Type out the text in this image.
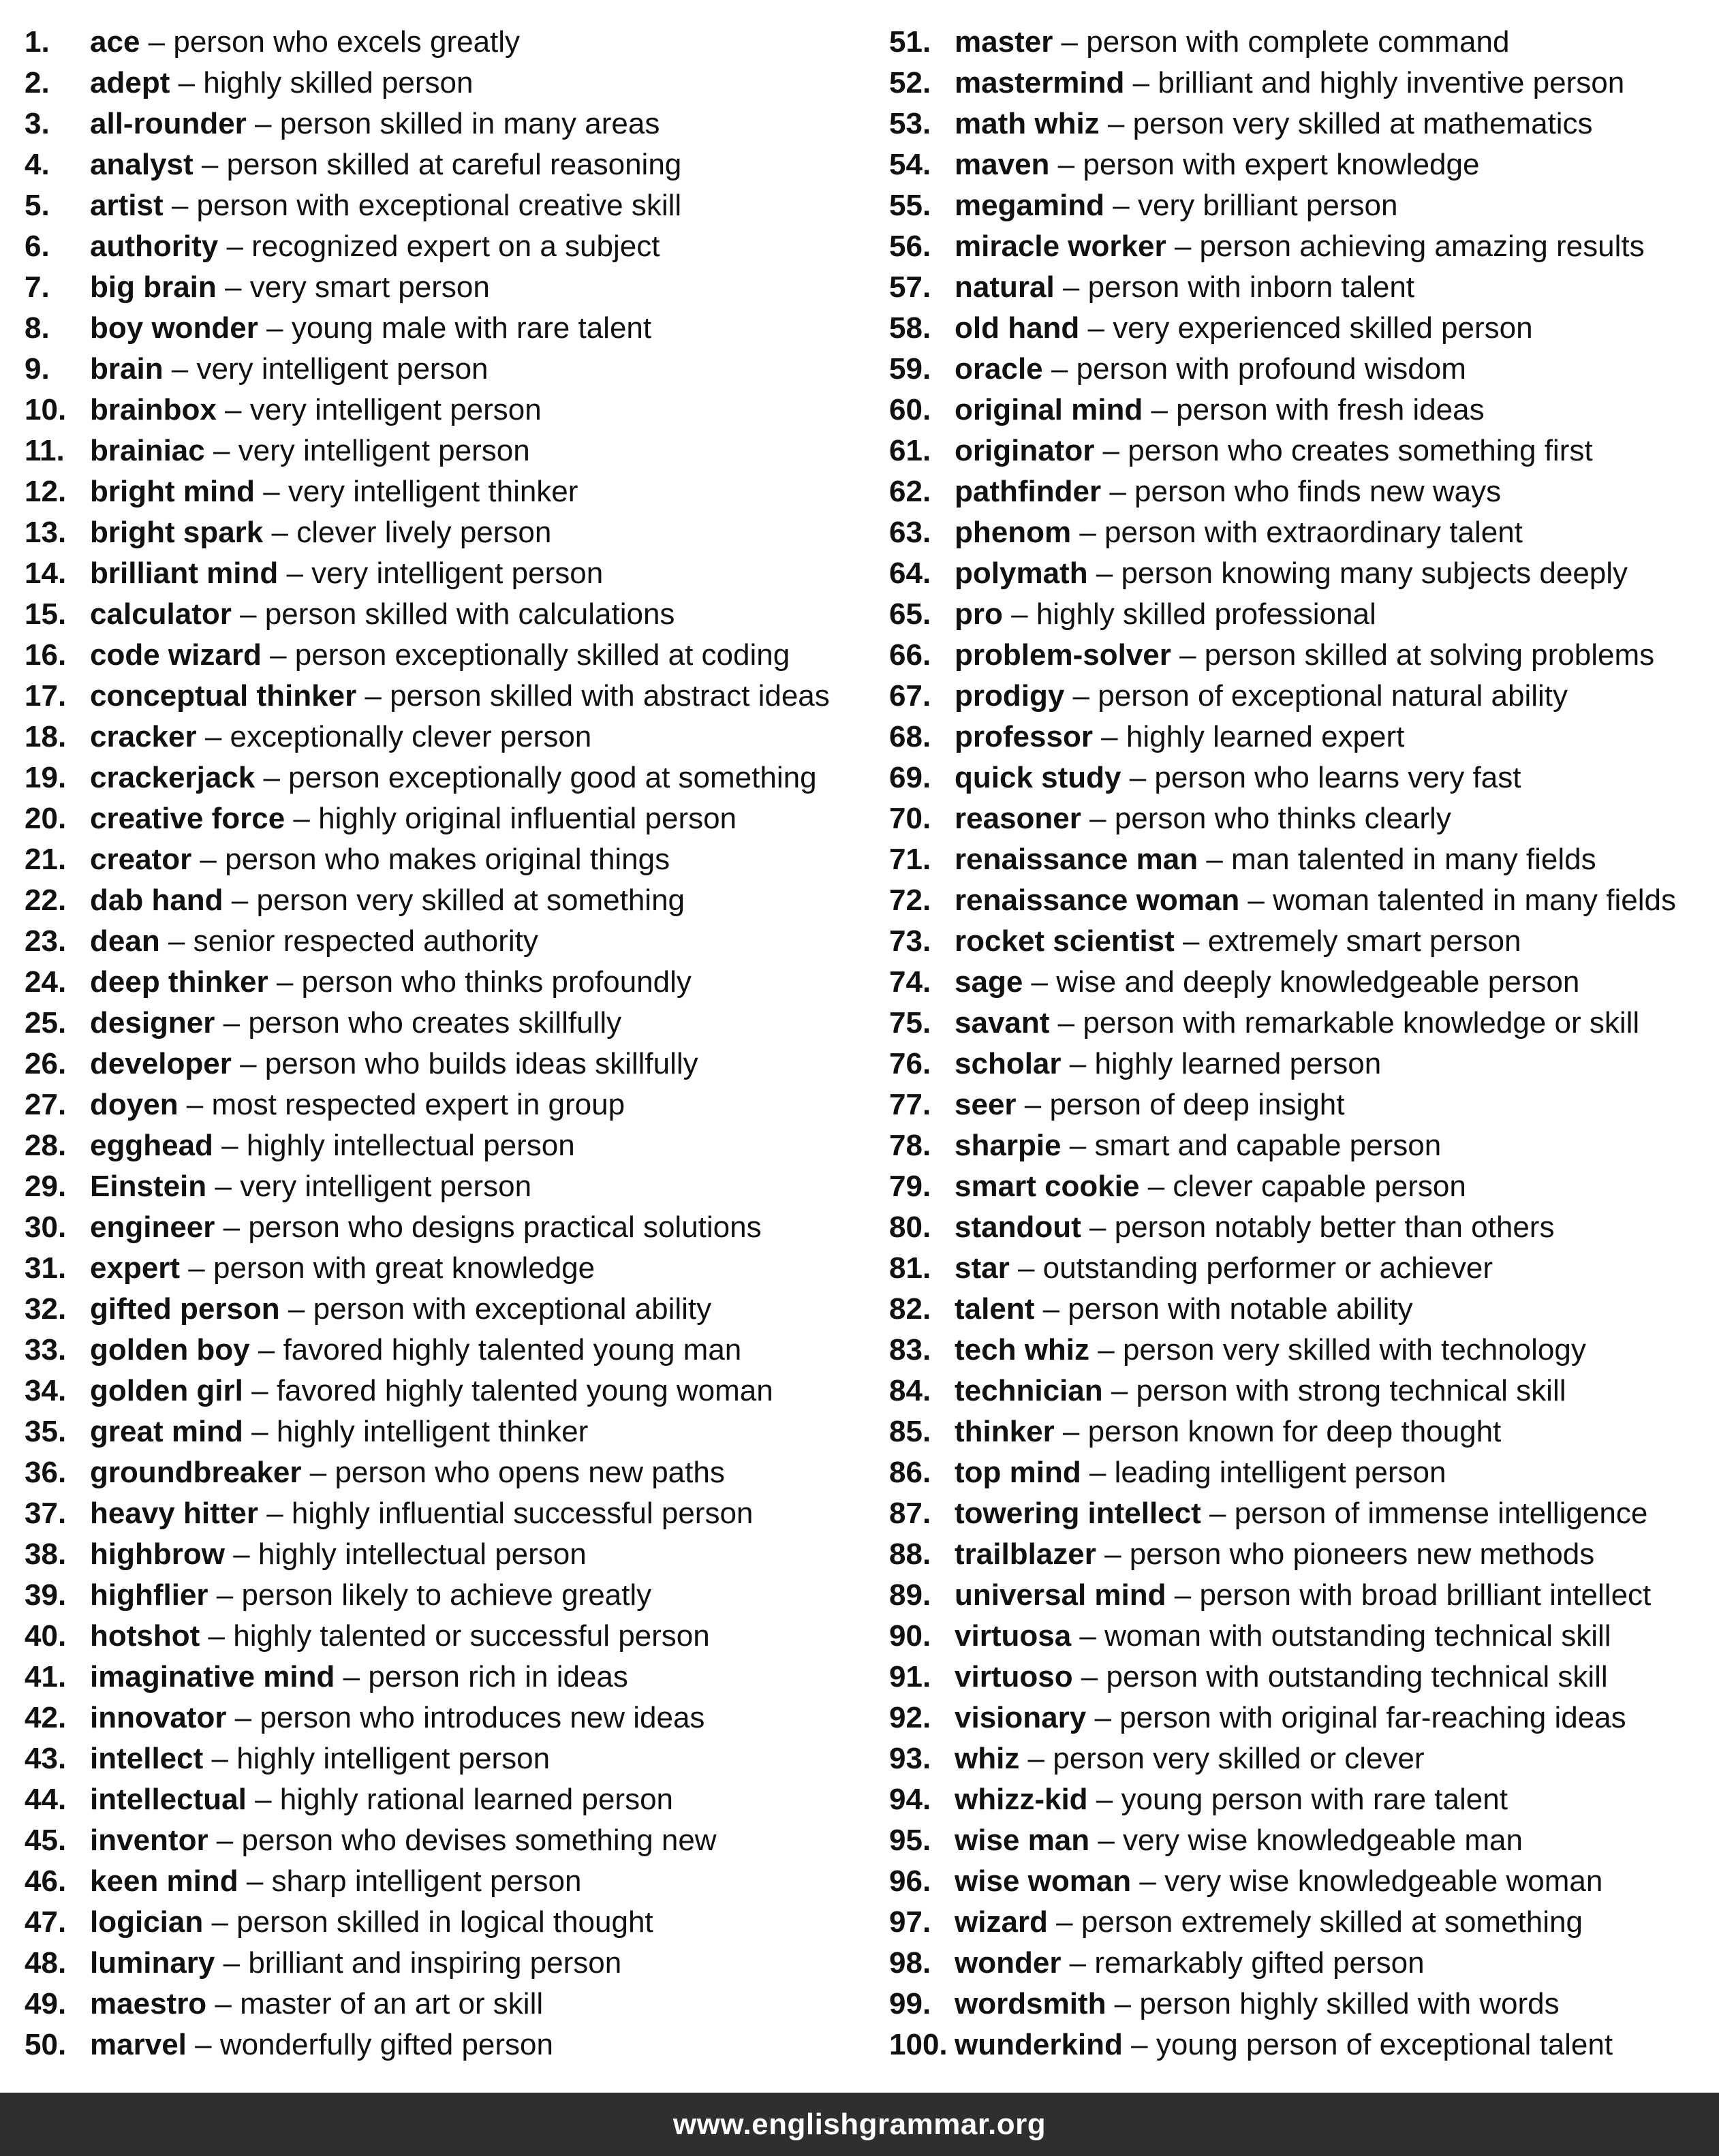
1.	ace – person who excels greatly
2.	adept – highly skilled person
3.	all-rounder – person skilled in many areas
4.	analyst – person skilled at careful reasoning
5.	artist – person with exceptional creative skill
6.	authority – recognized expert on a subject
7.	big brain – very smart person
8.	boy wonder – young male with rare talent
9.	brain – very intelligent person
10. brainbox – very intelligent person
11. brainiac – very intelligent person
12. bright mind – very intelligent thinker
13. bright spark – clever lively person
14. brilliant mind – very intelligent person
15. calculator – person skilled with calculations
16. code wizard – person exceptionally skilled at coding
17. conceptual thinker – person skilled with abstract ideas
18. cracker – exceptionally clever person
19. crackerjack – person exceptionally good at something
20. creative force – highly original influential person
21. creator – person who makes original things
22. dab hand – person very skilled at something
23. dean – senior respected authority
24. deep thinker – person who thinks profoundly
25. designer – person who creates skillfully
26. developer – person who builds ideas skillfully
27. doyen – most respected expert in group
28. egghead – highly intellectual person
29. Einstein – very intelligent person
30. engineer – person who designs practical solutions
31. expert – person with great knowledge
32. gifted person – person with exceptional ability
33. golden boy – favored highly talented young man
34. golden girl – favored highly talented young woman
35. great mind – highly intelligent thinker
36. groundbreaker – person who opens new paths
37. heavy hitter – highly influential successful person
38. highbrow – highly intellectual person
39. highflier – person likely to achieve greatly
40. hotshot – highly talented or successful person
41. imaginative mind – person rich in ideas
42. innovator – person who introduces new ideas
43. intellect – highly intelligent person
44. intellectual – highly rational learned person
45. inventor – person who devises something new
46. keen mind – sharp intelligent person
47. logician – person skilled in logical thought
48. luminary – brilliant and inspiring person
49. maestro – master of an art or skill
50. marvel – wonderfully gifted person
51. master – person with complete command
52. mastermind – brilliant and highly inventive person
53. math whiz – person very skilled at mathematics
54. maven – person with expert knowledge
55. megamind – very brilliant person
56. miracle worker – person achieving amazing results
57. natural – person with inborn talent
58. old hand – very experienced skilled person
59. oracle – person with profound wisdom
60. original mind – person with fresh ideas
61. originator – person who creates something first
62. pathfinder – person who finds new ways
63. phenom – person with extraordinary talent
64. polymath – person knowing many subjects deeply
65. pro – highly skilled professional
66. problem-solver – person skilled at solving problems
67. prodigy – person of exceptional natural ability
68. professor – highly learned expert
69. quick study – person who learns very fast
70. reasoner – person who thinks clearly
71. renaissance man – man talented in many fields
72. renaissance woman – woman talented in many fields
73. rocket scientist – extremely smart person
74. sage – wise and deeply knowledgeable person
75. savant – person with remarkable knowledge or skill
76. scholar – highly learned person
77. seer – person of deep insight
78. sharpie – smart and capable person
79. smart cookie – clever capable person
80. standout – person notably better than others
81. star – outstanding performer or achiever
82. talent – person with notable ability
83. tech whiz – person very skilled with technology
84. technician – person with strong technical skill
85. thinker – person known for deep thought
86. top mind – leading intelligent person
87. towering intellect – person of immense intelligence
88. trailblazer – person who pioneers new methods
89. universal mind – person with broad brilliant intellect
90. virtuosa – woman with outstanding technical skill
91. virtuoso – person with outstanding technical skill
92. visionary – person with original far-reaching ideas
93. whiz – person very skilled or clever
94. whizz-kid – young person with rare talent
95. wise man – very wise knowledgeable man
96. wise woman – very wise knowledgeable woman
97. wizard – person extremely skilled at something
98. wonder – remarkably gifted person
99. wordsmith – person highly skilled with words
100. wunderkind – young person of exceptional talent
www.englishgrammar.org
